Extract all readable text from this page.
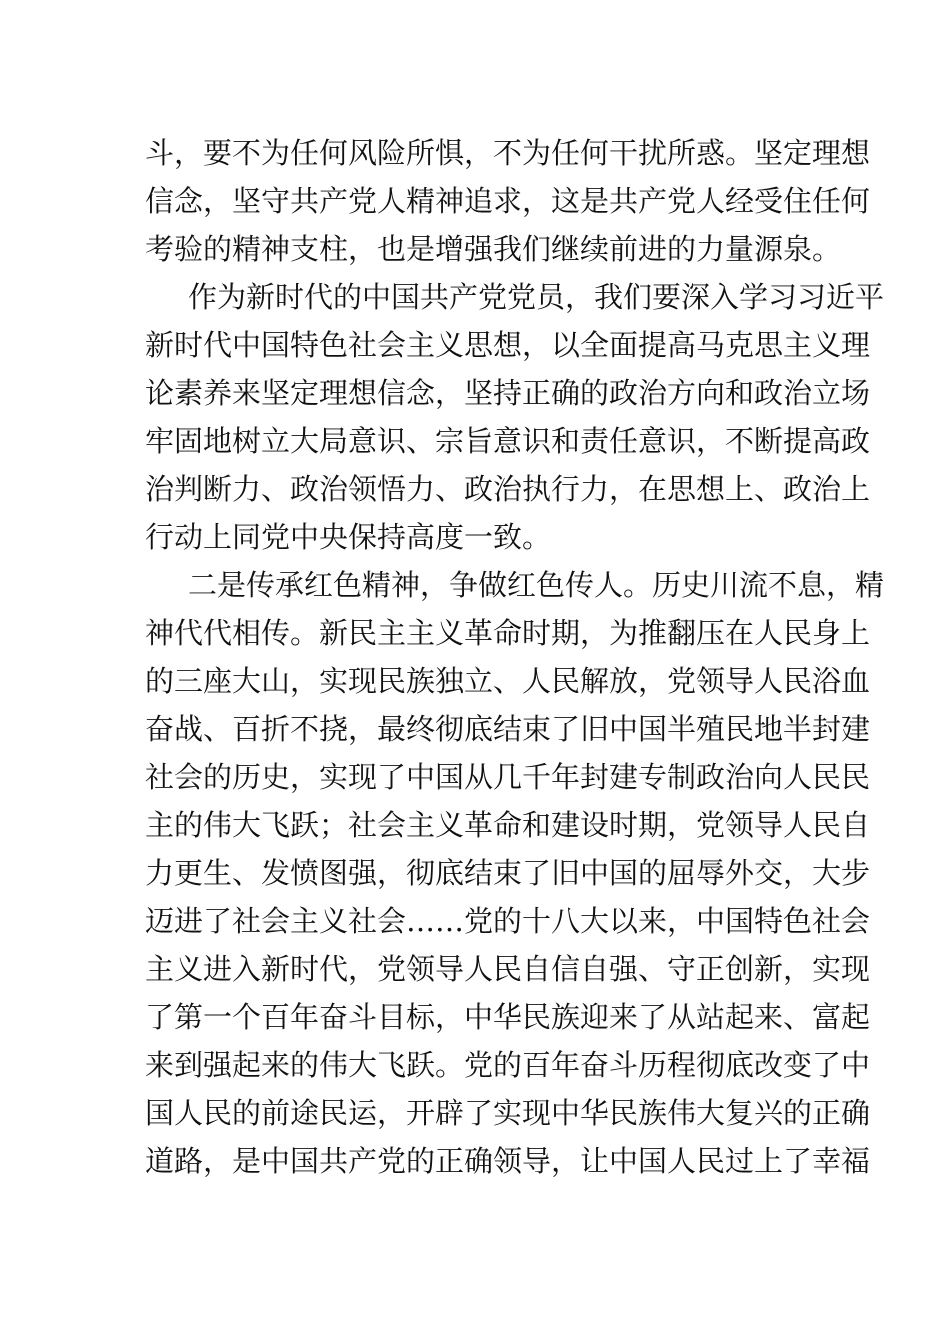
斗，要不为任何风险所惧，不为任何干扰所惑。坚定理想
信念，坚守共产党人精神追求，这是共产党人经受住任何
考验的精神支柱，也是增强我们继续前进的力量源泉。
作为新时代的中国共产党党员，我们要深入学习习近平
新时代中国特色社会主义思想，以全面提高马克思主义理
论素养来坚定理想信念，坚持正确的政治方向和政治立场
牢固地树立大局意识、宗旨意识和责任意识，不断提高政
治判断力、政治领悟力、政治执行力，在思想上、政治上
行动上同党中央保持高度一致。
二是传承红色精神，争做红色传人。历史川流不息，精
神代代相传。新民主主义革命时期，为推翻压在人民身上
的三座大山，实现民族独立、人民解放，党领导人民浴血
奋战、百折不挠，最终彻底结束了旧中国半殖民地半封建
社会的历史，实现了中国从几千年封建专制政治向人民民
主的伟大飞跃；社会主义革命和建设时期，党领导人民自
力更生、发愤图强，彻底结束了旧中国的屈辱外交，大步
迈进了社会主义社会……党的十八大以来，中国特色社会
主义进入新时代，党领导人民自信自强、守正创新，实现
了第一个百年奋斗目标，中华民族迎来了从站起来、富起
来到强起来的伟大飞跃。党的百年奋斗历程彻底改变了中
国人民的前途民运，开辟了实现中华民族伟大复兴的正确
道路，是中国共产党的正确领导，让中国人民过上了幸福
